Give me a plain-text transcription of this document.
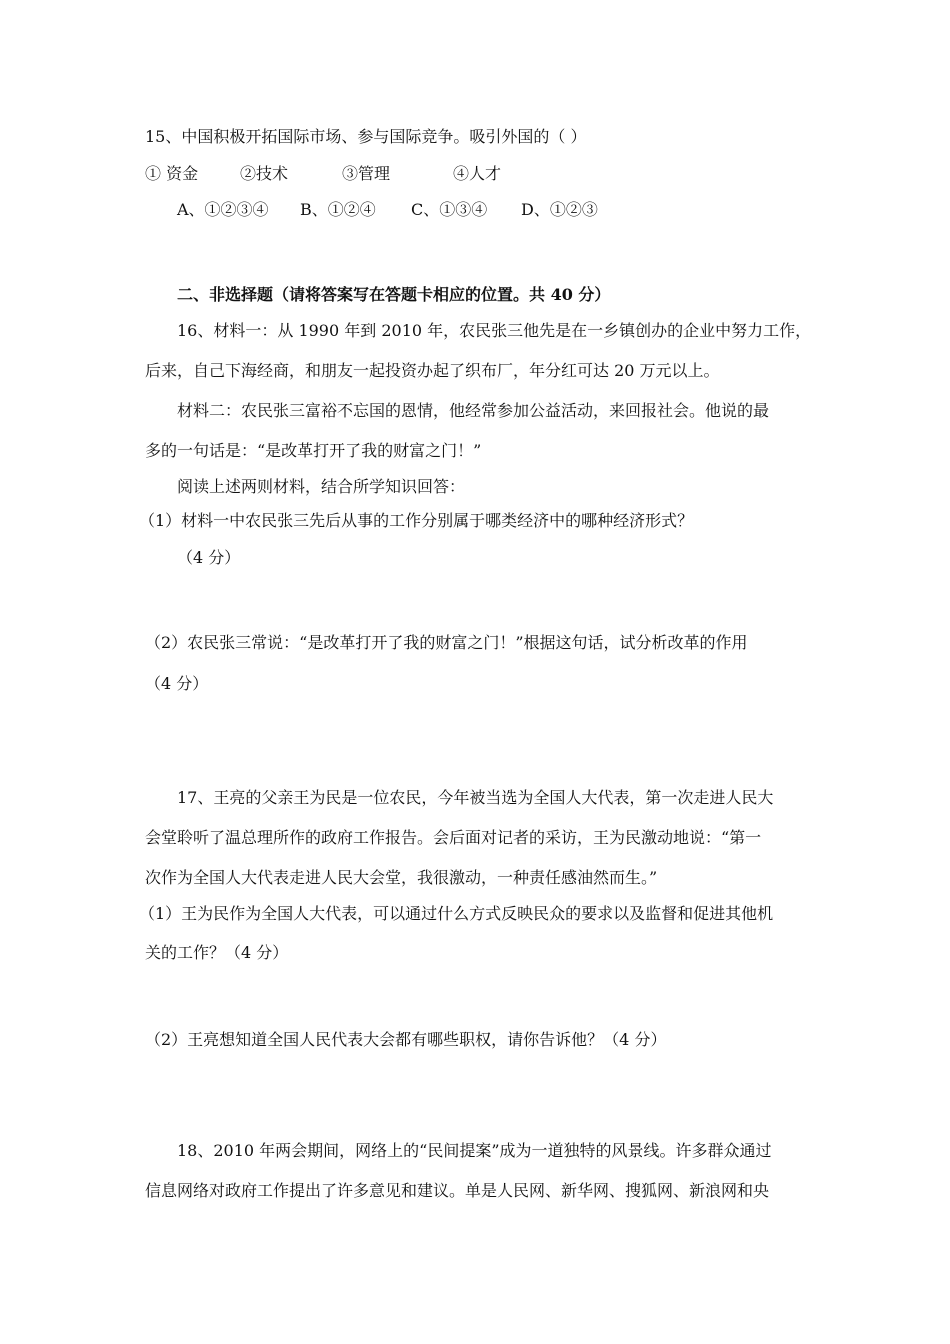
15、中国积极开拓国际市场、参与国际竞争。吸引外国的（ ）
① 资金	②技术	③管理	④人才
A、①②③④ B、①②④ C、①③④ D、①②③
二、非选择题（请将答案写在答题卡相应的位置。共 40 分）
16、材料一：从 1990 年到 2010 年，农民张三他先是在一乡镇创办的企业中努力工作，
后来，自己下海经商，和朋友一起投资办起了织布厂，年分红可达 20 万元以上。
材料二：农民张三富裕不忘国的恩情，他经常参加公益活动，来回报社会。他说的最
多的一句话是：“是改革打开了我的财富之门！”
阅读上述两则材料，结合所学知识回答：
（1）材料一中农民张三先后从事的工作分别属于哪类经济中的哪种经济形式？
（4 分）
（2）农民张三常说：“是改革打开了我的财富之门！”根据这句话，试分析改革的作用
（4 分）
17、王亮的父亲王为民是一位农民，今年被当选为全国人大代表，第一次走进人民大
会堂聆听了温总理所作的政府工作报告。会后面对记者的采访，王为民激动地说：“第一
次作为全国人大代表走进人民大会堂，我很激动，一种责任感油然而生。”
（1）王为民作为全国人大代表，可以通过什么方式反映民众的要求以及监督和促进其他机
关的工作？（4 分）
（2）王亮想知道全国人民代表大会都有哪些职权，请你告诉他？（4 分）
18、2010 年两会期间，网络上的“民间提案”成为一道独特的风景线。许多群众通过
信息网络对政府工作提出了许多意见和建议。单是人民网、新华网、搜狐网、新浪网和央
